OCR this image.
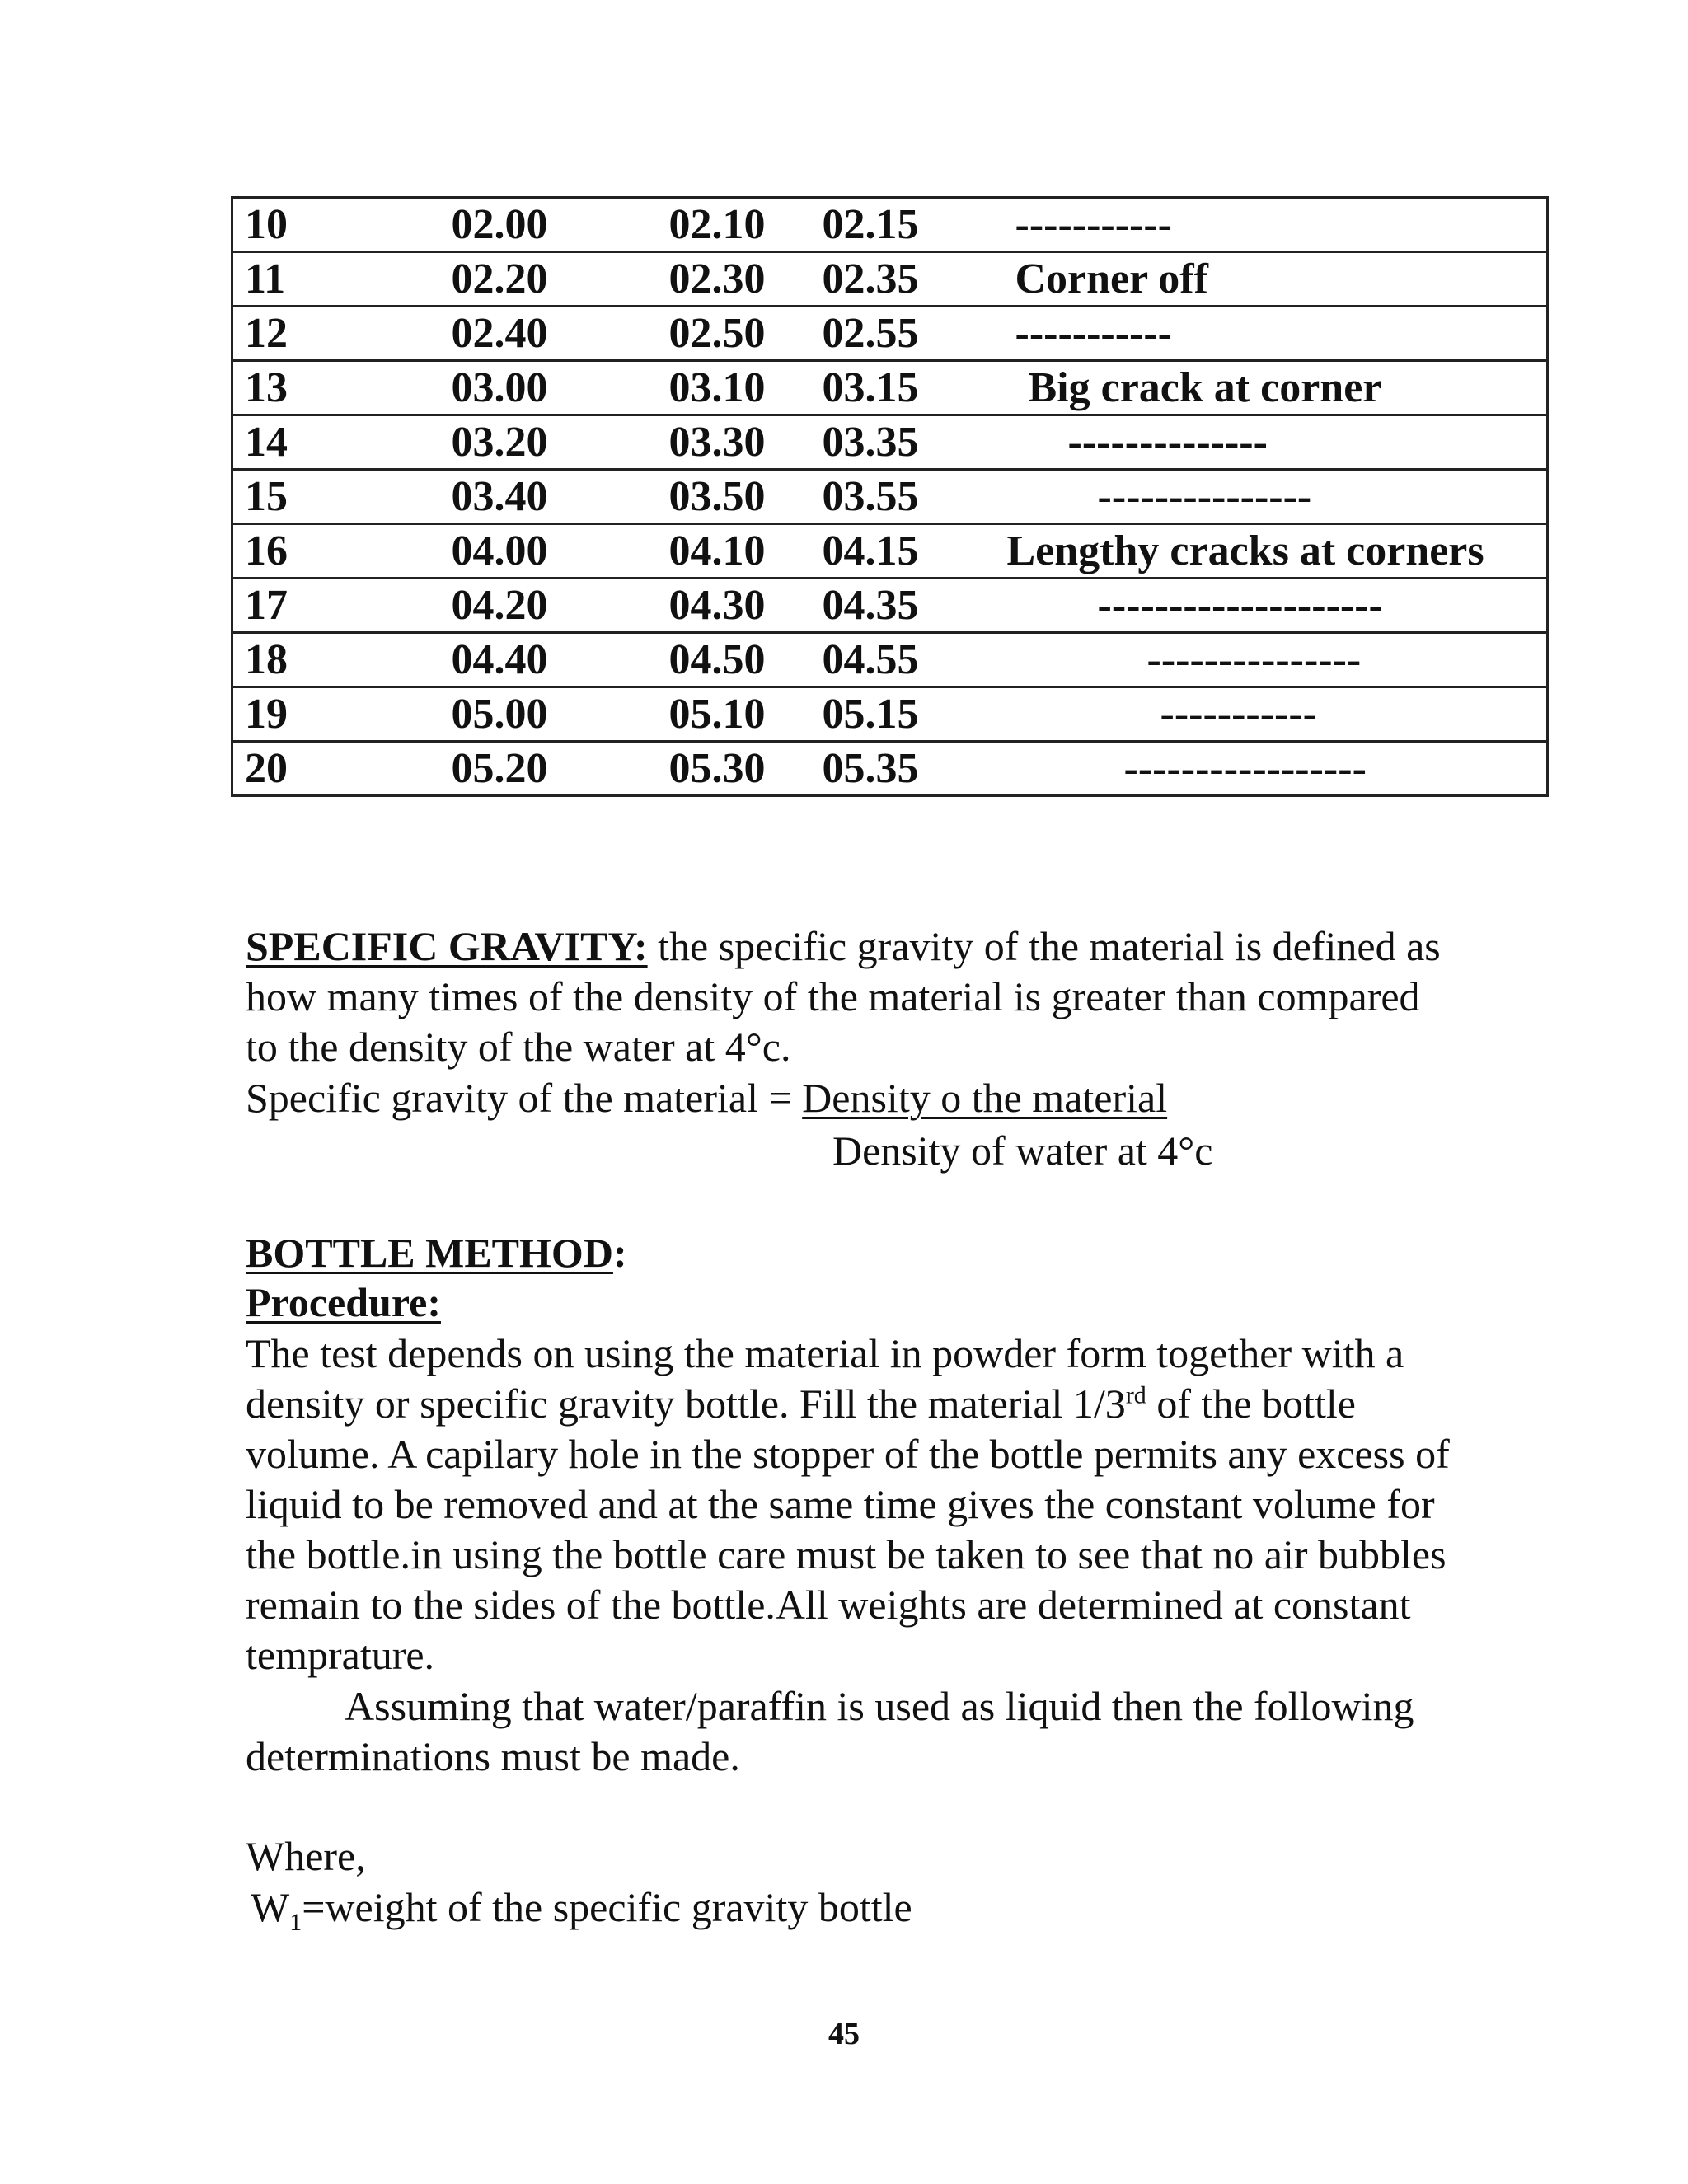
10	02.00	02.10	02.15	-----------
11	02.20	02.30	02.35	Corner off
12	02.40	02.50	02.55	-----------
13	03.00	03.10	03.15	Big crack at corner
14	03.20	03.30	03.35	--------------
15	03.40	03.50	03.55	---------------
16	04.00	04.10	04.15	Lengthy cracks at corners
17	04.20	04.30	04.35	--------------------
18	04.40	04.50	04.55	---------------
19	05.00	05.10	05.15	-----------
20	05.20	05.30	05.35	-----------------

SPECIFIC GRAVITY: the specific gravity of the material is defined as

how many times of the density of the material is greater than compared

to the density of the water at 4°c.

Specific gravity of the material = Density o the material

Density of water at 4°c

BOTTLE METHOD:

Procedure:

The test depends on using the material in powder form together with a

density or specific gravity bottle. Fill the material 1/3rd of the bottle

volume. A capilary hole in the stopper of the bottle permits any excess of

liquid to be removed and at the same time gives the constant volume for

the bottle.in using the bottle care must be taken to see that no air bubbles

remain to the sides of the bottle.All weights are determined at constant

temprature.

Assuming that water/paraffin is used as liquid then the following

determinations must be made.

Where,

$W_1=weight$ of the specific gravity bottle

45
